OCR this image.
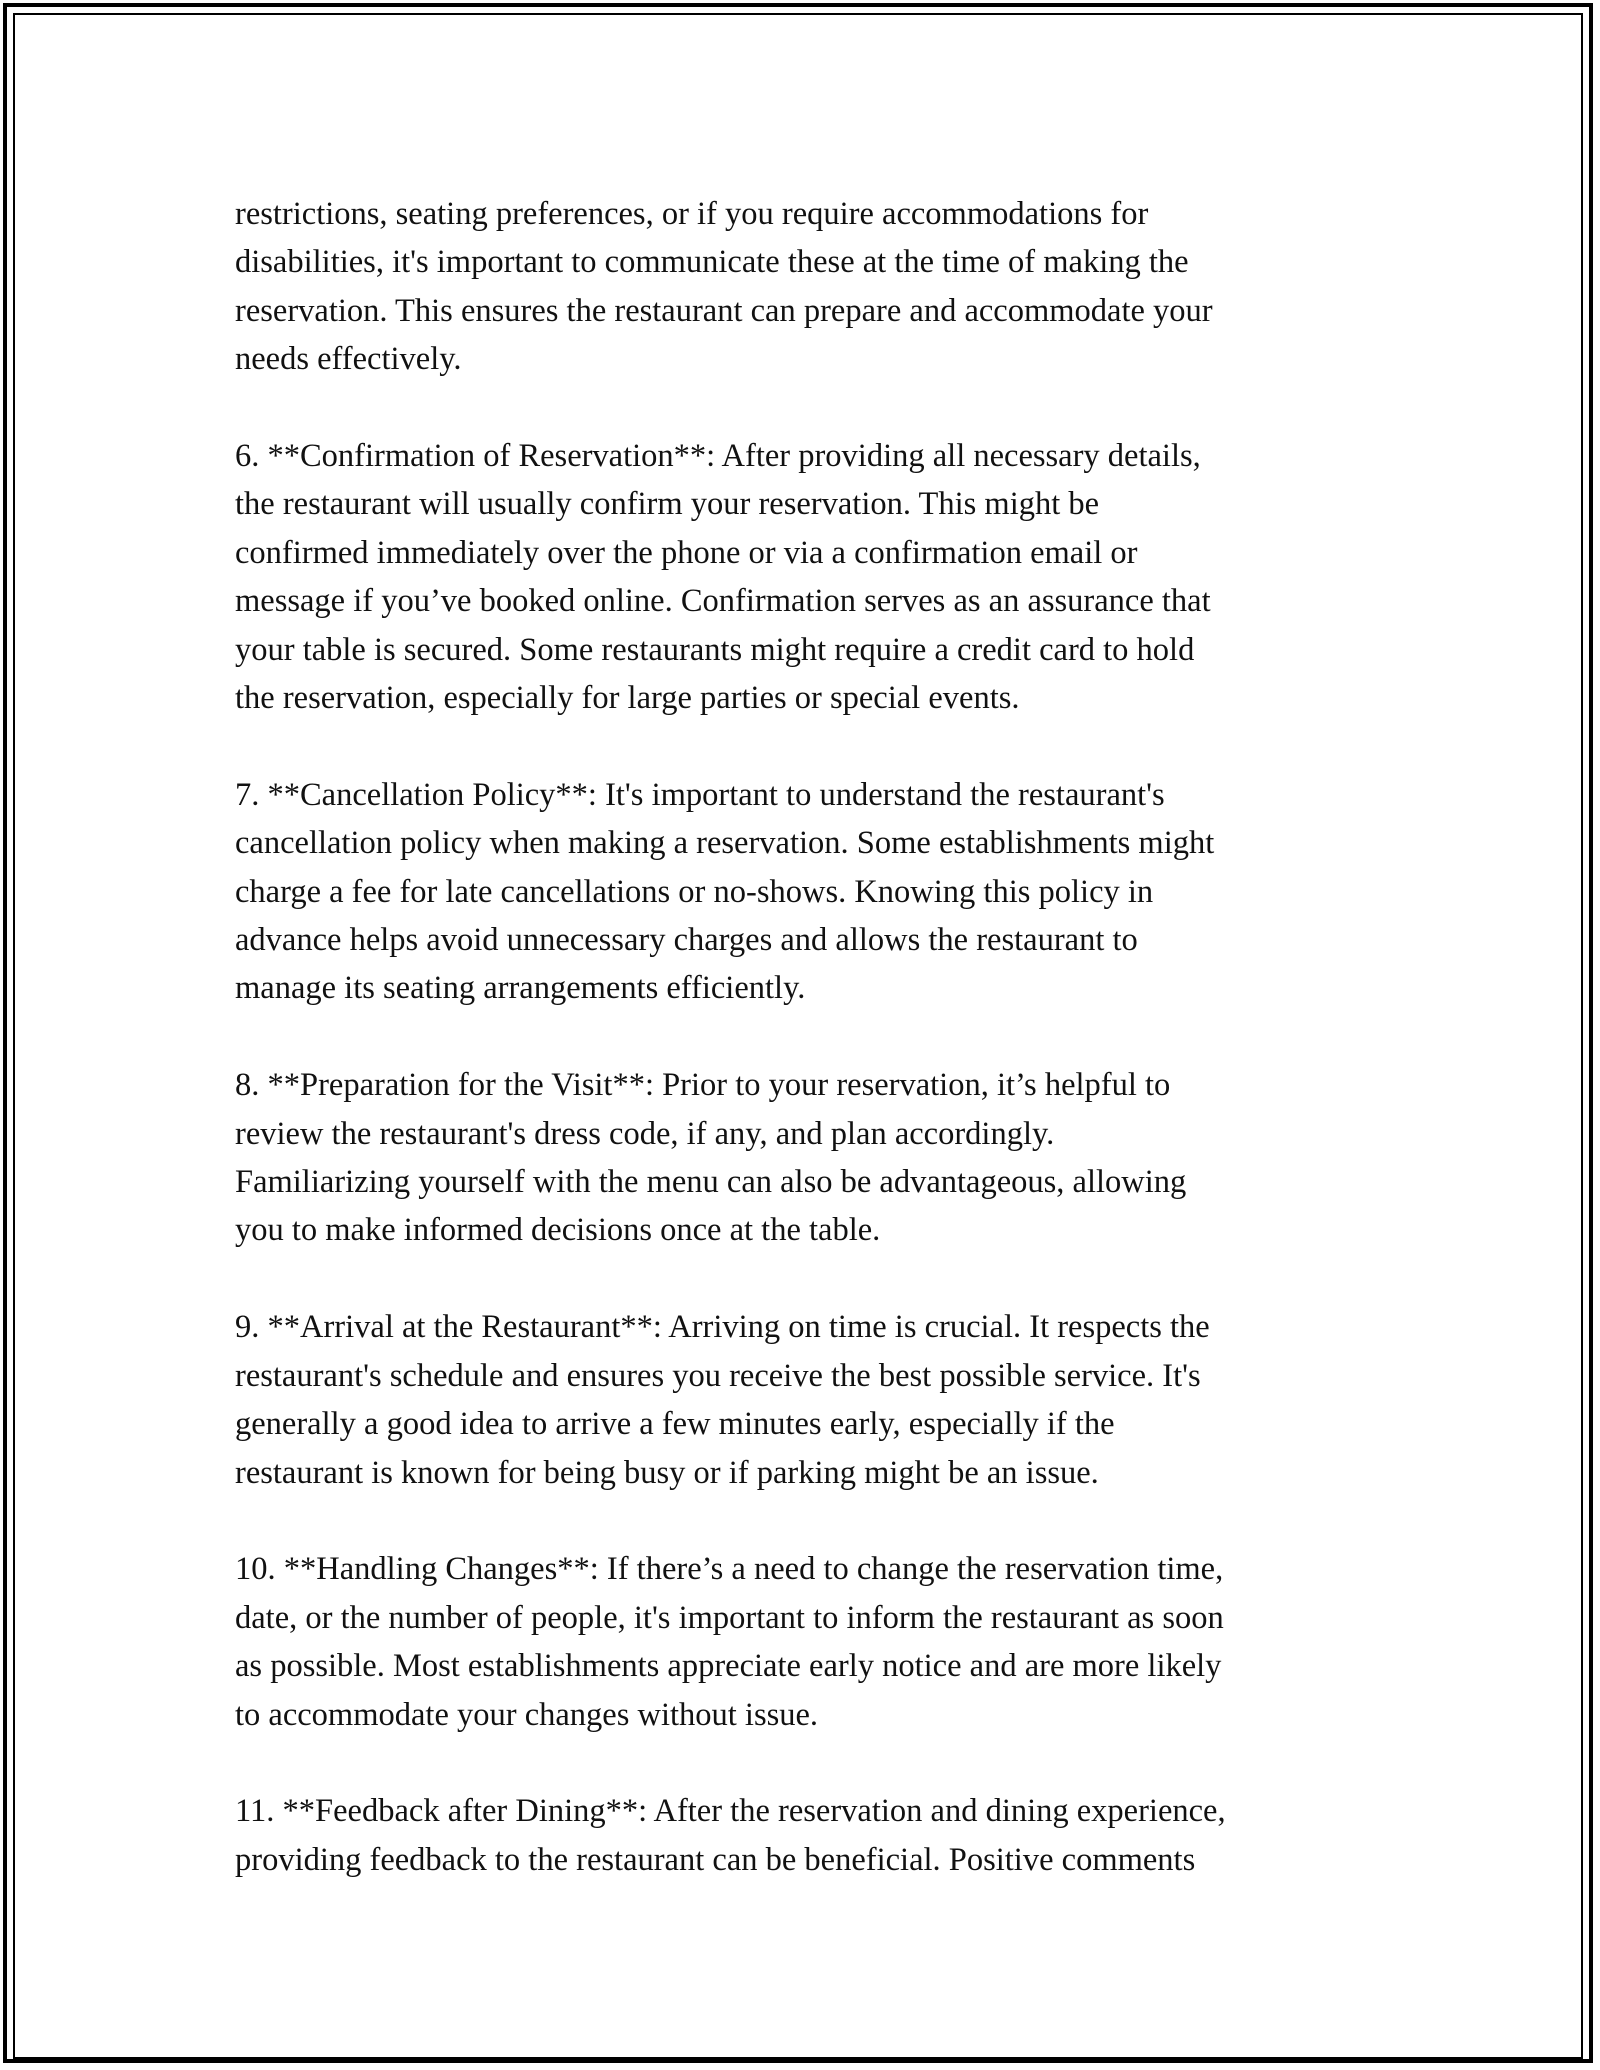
restrictions, seating preferences, or if you require accommodations for
disabilities, it's important to communicate these at the time of making the
reservation. This ensures the restaurant can prepare and accommodate your
needs effectively.

6. **Confirmation of Reservation**: After providing all necessary details,
the restaurant will usually confirm your reservation. This might be
confirmed immediately over the phone or via a confirmation email or
message if you’ve booked online. Confirmation serves as an assurance that
your table is secured. Some restaurants might require a credit card to hold
the reservation, especially for large parties or special events.

7. **Cancellation Policy**: It's important to understand the restaurant's
cancellation policy when making a reservation. Some establishments might
charge a fee for late cancellations or no-shows. Knowing this policy in
advance helps avoid unnecessary charges and allows the restaurant to
manage its seating arrangements efficiently.

8. **Preparation for the Visit**: Prior to your reservation, it’s helpful to
review the restaurant's dress code, if any, and plan accordingly.
Familiarizing yourself with the menu can also be advantageous, allowing
you to make informed decisions once at the table.

9. **Arrival at the Restaurant**: Arriving on time is crucial. It respects the
restaurant's schedule and ensures you receive the best possible service. It's
generally a good idea to arrive a few minutes early, especially if the
restaurant is known for being busy or if parking might be an issue.

10. **Handling Changes**: If there’s a need to change the reservation time,
date, or the number of people, it's important to inform the restaurant as soon
as possible. Most establishments appreciate early notice and are more likely
to accommodate your changes without issue.

11. **Feedback after Dining**: After the reservation and dining experience,
providing feedback to the restaurant can be beneficial. Positive comments
